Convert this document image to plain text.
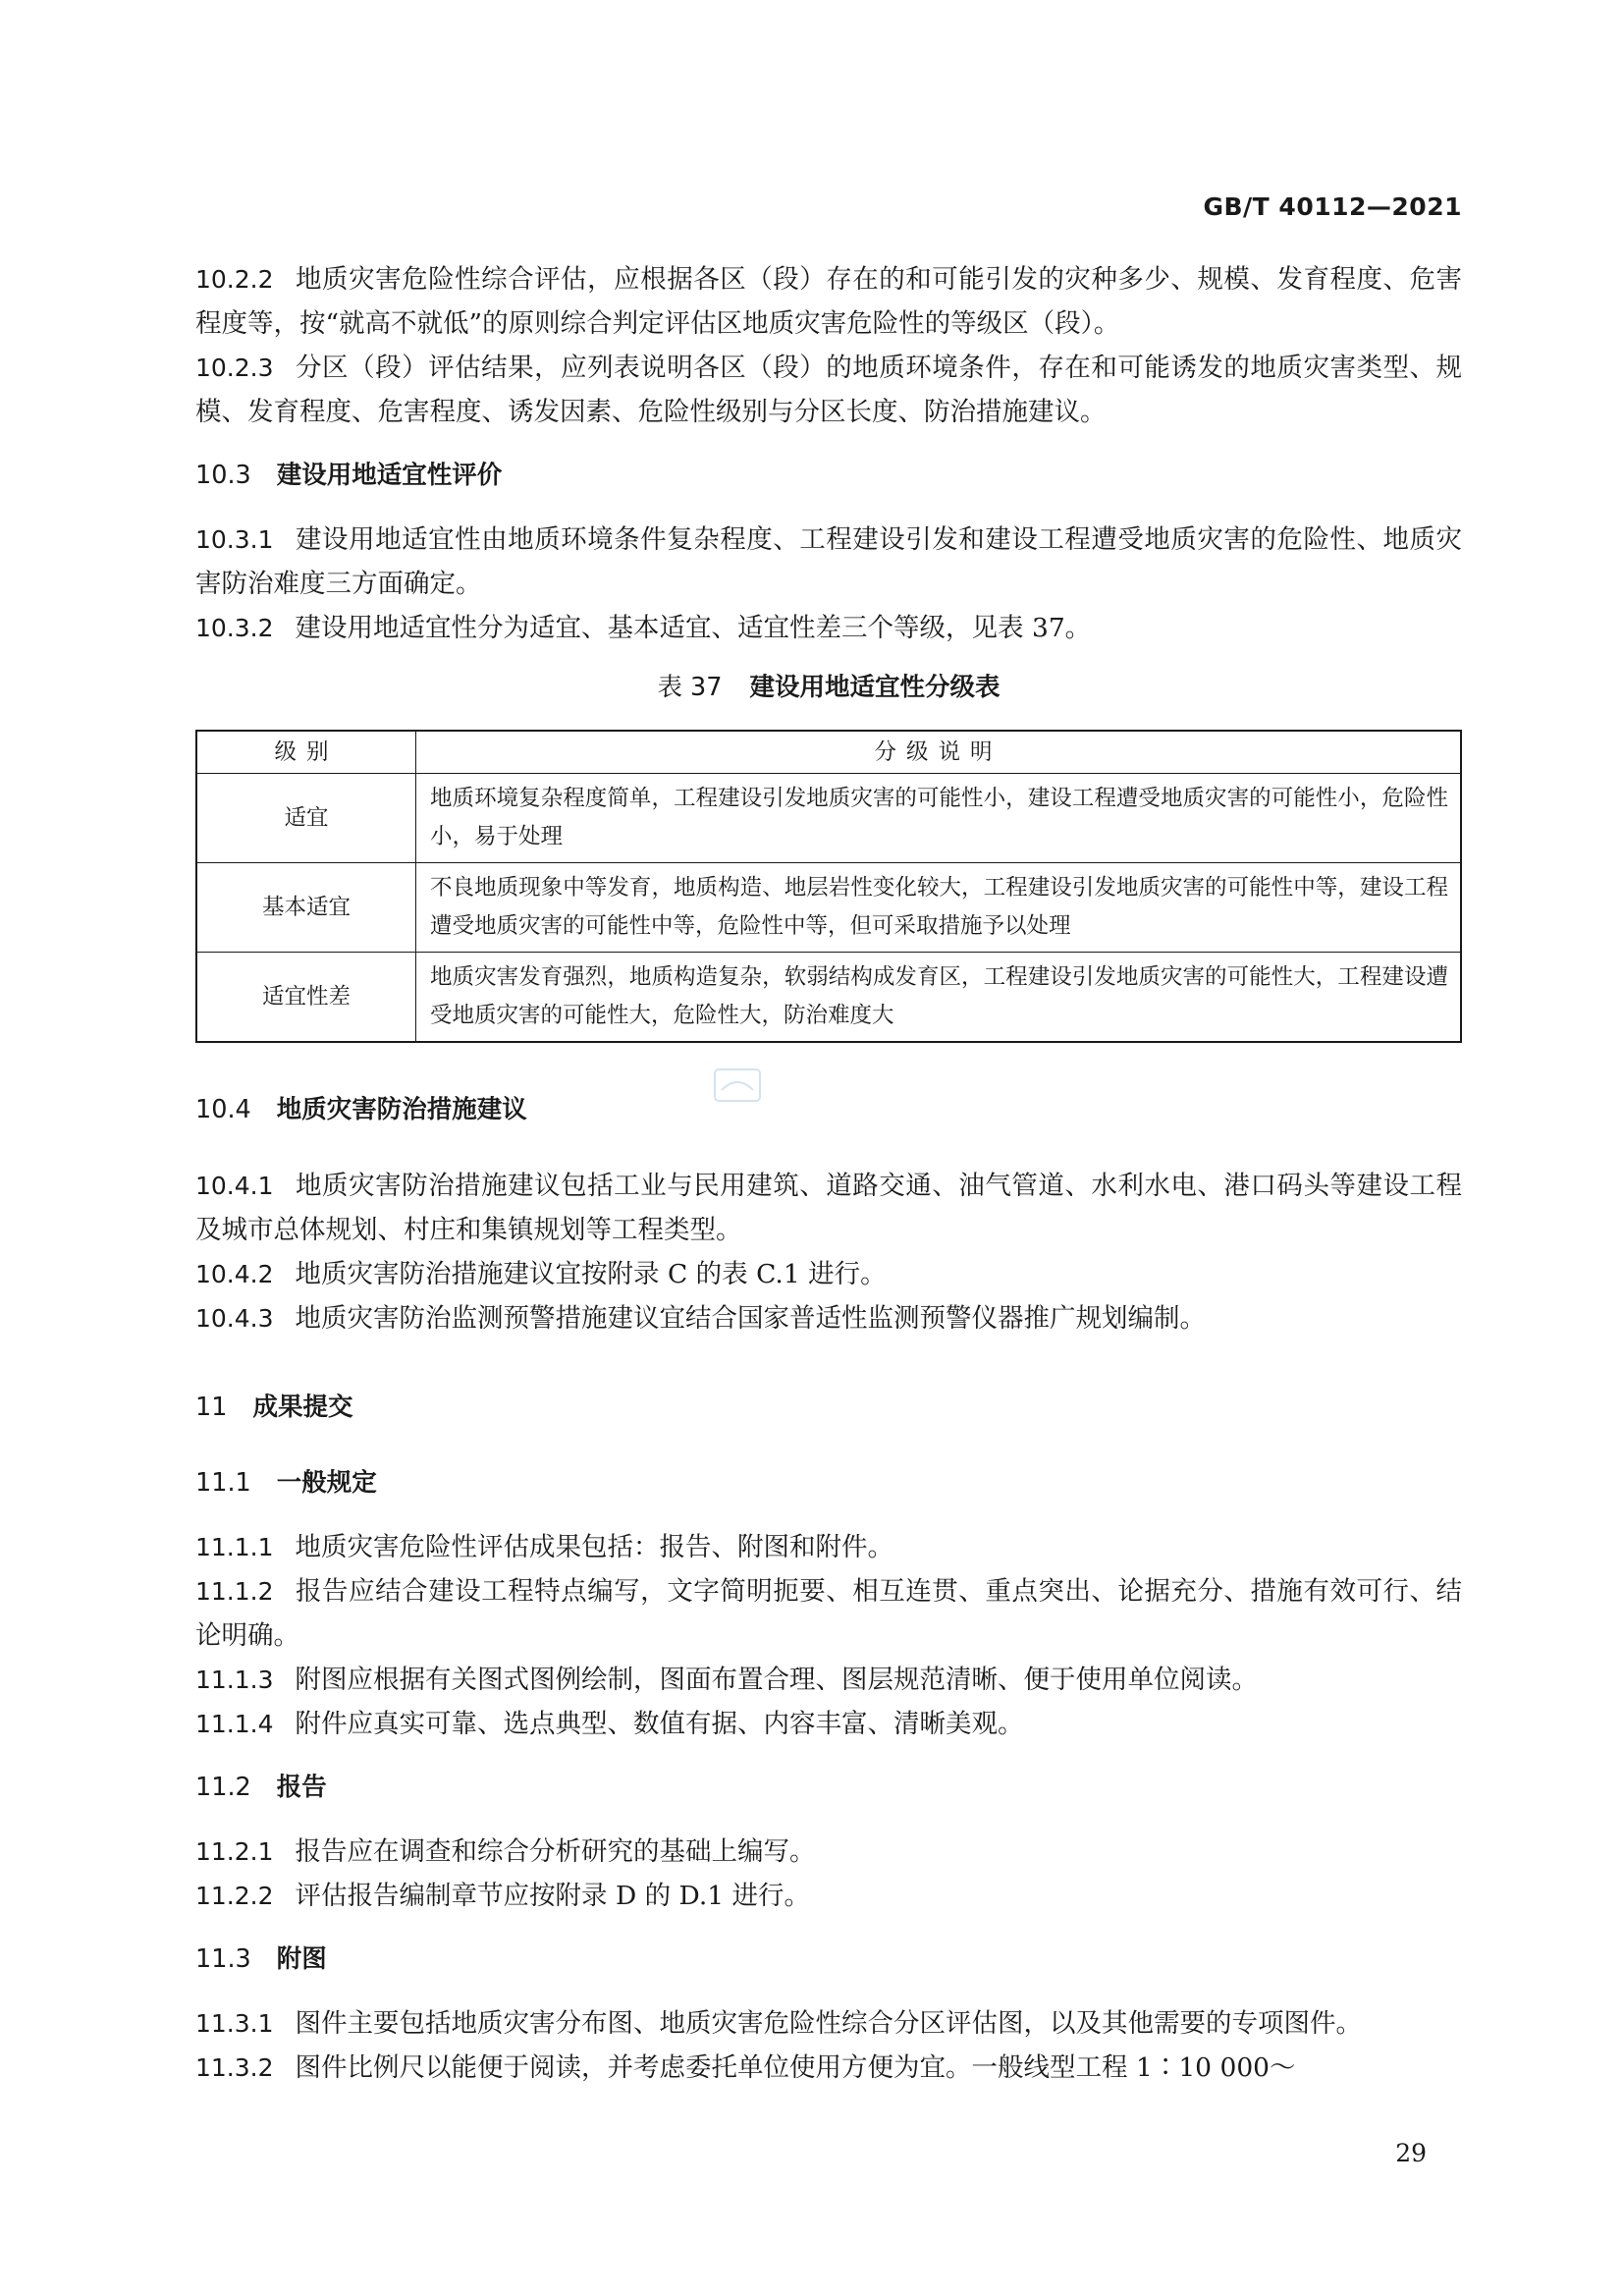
GB/T 40112—2021

10.2.2 地质灾害危险性综合评估，应根据各区（段）存在的和可能引发的灾种多少、规模、发育程度、危害程度等，按“就高不就低”的原则综合判定评估区地质灾害危险性的等级区（段）。

10.2.3 分区（段）评估结果，应列表说明各区（段）的地质环境条件，存在和可能诱发的地质灾害类型、规模、发育程度、危害程度、诱发因素、危险性级别与分区长度、防治措施建议。

10.3 建设用地适宜性评价

10.3.1 建设用地适宜性由地质环境条件复杂程度、工程建设引发和建设工程遭受地质灾害的危险性、地质灾害防治难度三方面确定。

10.3.2 建设用地适宜性分为适宜、基本适宜、适宜性差三个等级，见表 37。

表 37 建设用地适宜性分级表
级别	分级说明
适宜	地质环境复杂程度简单，工程建设引发地质灾害的可能性小，建设工程遭受地质灾害的可能性小，危险性小，易于处理
基本适宜	不良地质现象中等发育，地质构造、地层岩性变化较大，工程建设引发地质灾害的可能性中等，建设工程遭受地质灾害的可能性中等，危险性中等，但可采取措施予以处理
适宜性差	地质灾害发育强烈，地质构造复杂，软弱结构成发育区，工程建设引发地质灾害的可能性大，工程建设遭受地质灾害的可能性大，危险性大，防治难度大
10.4 地质灾害防治措施建议

10.4.1 地质灾害防治措施建议包括工业与民用建筑、道路交通、油气管道、水利水电、港口码头等建设工程及城市总体规划、村庄和集镇规划等工程类型。

10.4.2 地质灾害防治措施建议宜按附录 C 的表 C.1 进行。

10.4.3 地质灾害防治监测预警措施建议宜结合国家普适性监测预警仪器推广规划编制。

11 成果提交
11.1 一般规定

11.1.1 地质灾害危险性评估成果包括：报告、附图和附件。

11.1.2 报告应结合建设工程特点编写，文字简明扼要、相互连贯、重点突出、论据充分、措施有效可行、结论明确。

11.1.3 附图应根据有关图式图例绘制，图面布置合理、图层规范清晰、便于使用单位阅读。

11.1.4 附件应真实可靠、选点典型、数值有据、内容丰富、清晰美观。

11.2 报告

11.2.1 报告应在调查和综合分析研究的基础上编写。

11.2.2 评估报告编制章节应按附录 D 的 D.1 进行。

11.3 附图

11.3.1 图件主要包括地质灾害分布图、地质灾害危险性综合分区评估图，以及其他需要的专项图件。

11.3.2 图件比例尺以能便于阅读，并考虑委托单位使用方便为宜。一般线型工程 1∶10 000～

29
